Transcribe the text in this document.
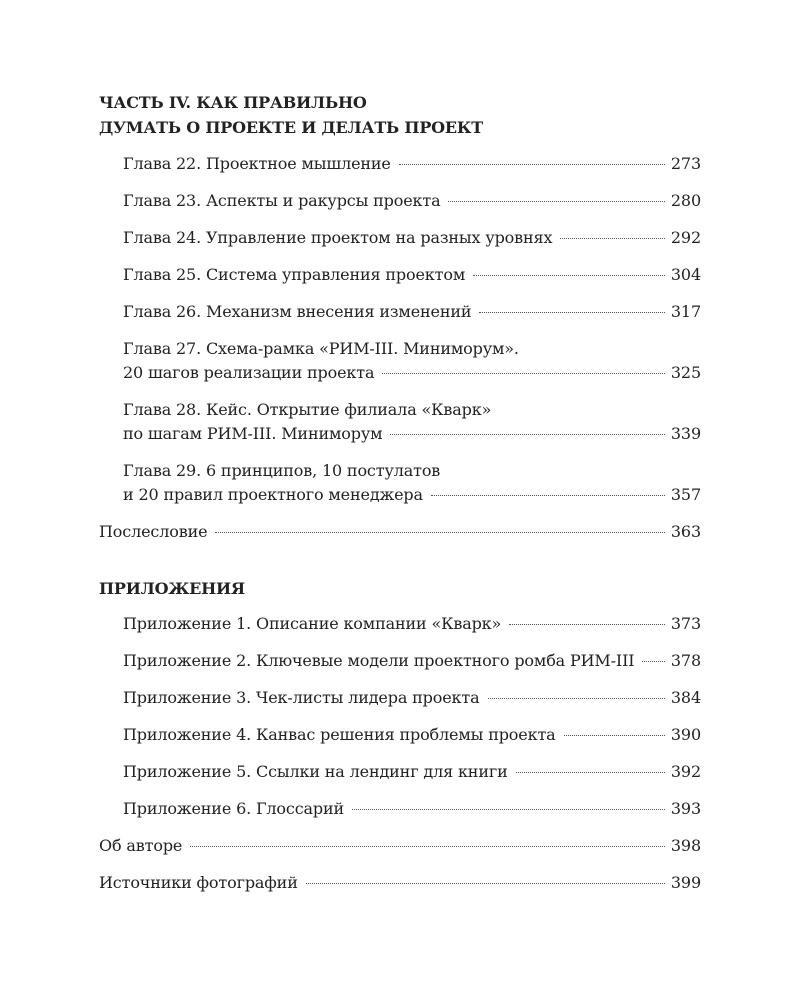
ЧАСТЬ IV. КАК ПРАВИЛЬНО
ДУМАТЬ О ПРОЕКТЕ И ДЕЛАТЬ ПРОЕКТ
Глава 22. Проектное мышление	273
Глава 23. Аспекты и ракурсы проекта	280
Глава 24. Управление проектом на разных уровнях	292
Глава 25. Система управления проектом	304
Глава 26. Механизм внесения изменений	317
Глава 27. Схема-рамка «РИМ-III. Миниморум».
20 шагов реализации проекта	325
Глава 28. Кейс. Открытие филиала «Кварк»
по шагам РИМ-III. Миниморум	339
Глава 29. 6 принципов, 10 постулатов
и 20 правил проектного менеджера	357
Послесловие	363
ПРИЛОЖЕНИЯ
Приложение 1. Описание компании «Кварк»	373
Приложение 2. Ключевые модели проектного ромба РИМ-III 378
Приложение 3. Чек-листы лидера проекта	384
Приложение 4. Канвас решения проблемы проекта	390
Приложение 5. Ссылки на лендинг для книги	392
Приложение 6. Глоссарий	393
Об авторе	398
Источники фотографий	399
